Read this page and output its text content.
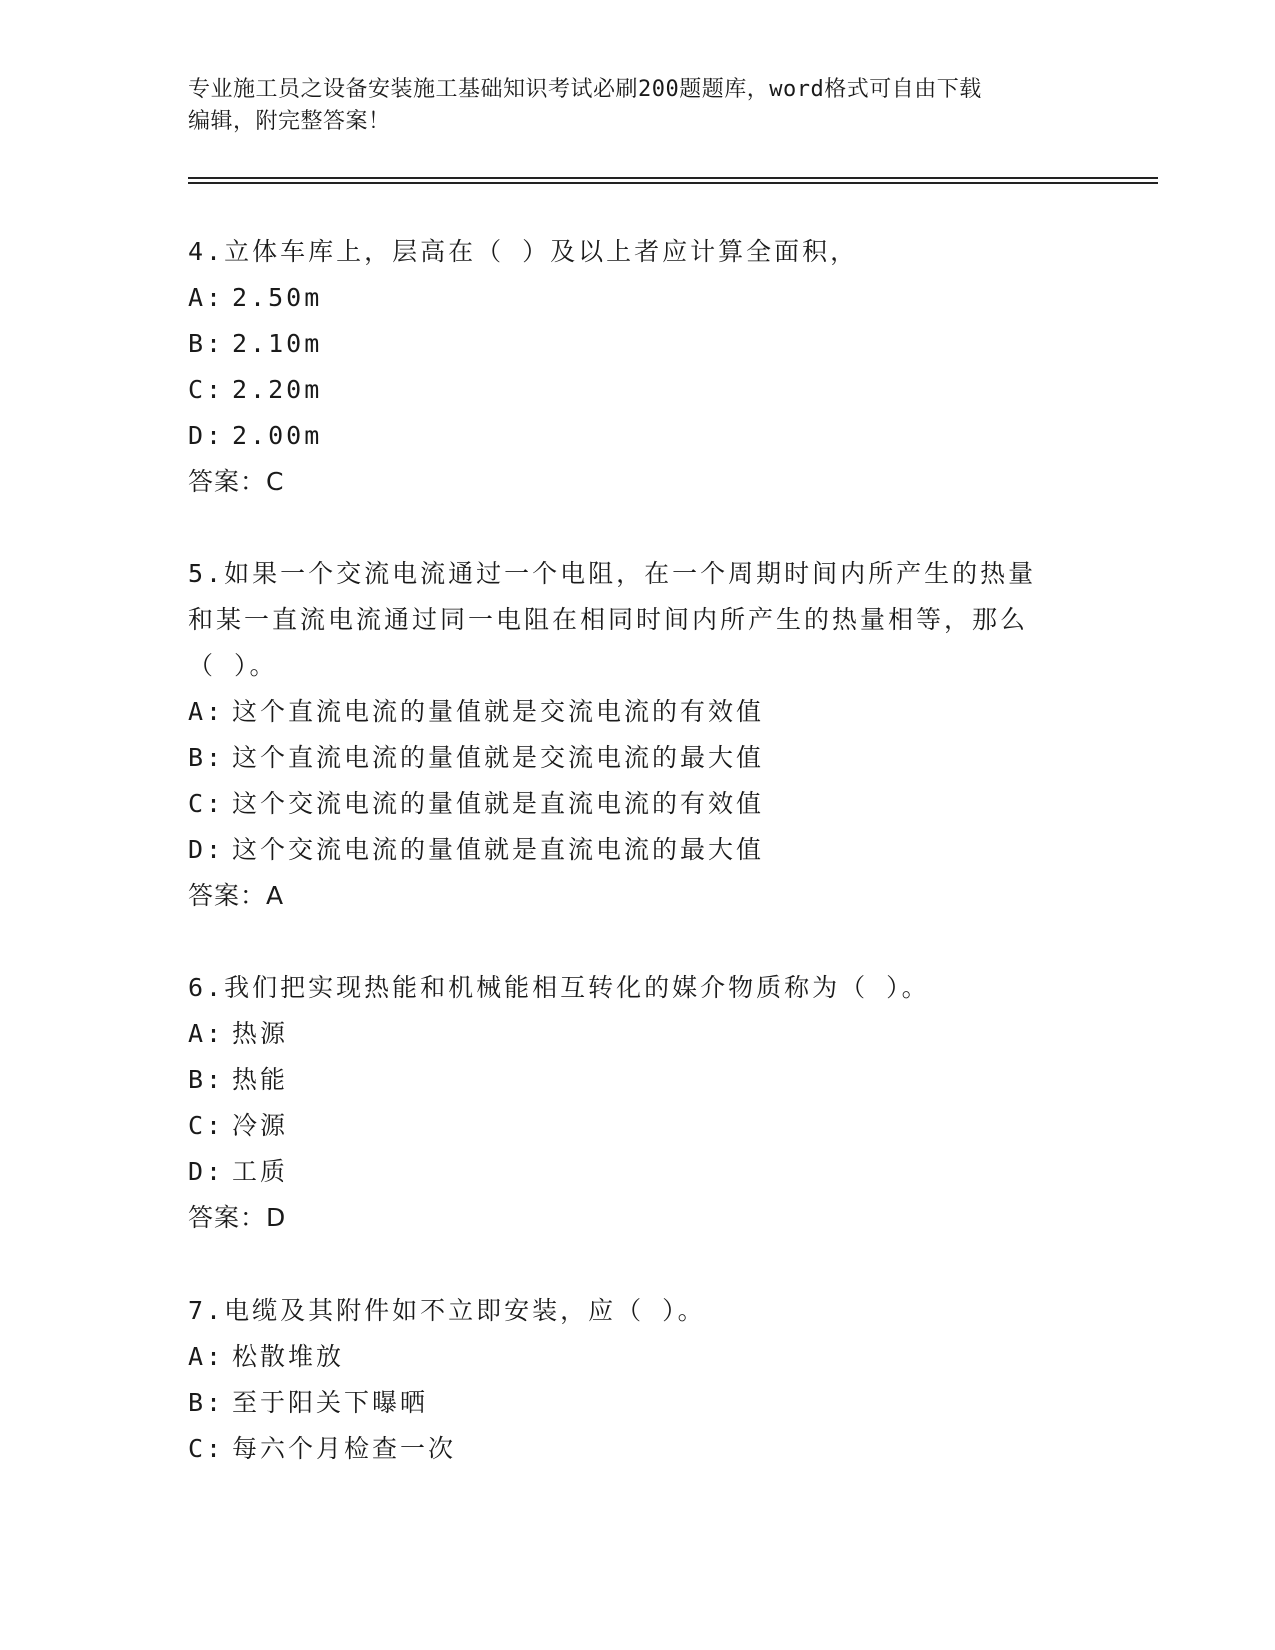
专业施工员之设备安装施工基础知识考试必刷200题题库，word格式可自由下载
编辑，附完整答案！
4.立体车库上，层高在（ ）及以上者应计算全面积，
A: 2.50m
B: 2.10m
C: 2.20m
D: 2.00m
答案：C
5.如果一个交流电流通过一个电阻，在一个周期时间内所产生的热量
和某一直流电流通过同一电阻在相同时间内所产生的热量相等，那么
（ ）。
A: 这个直流电流的量值就是交流电流的有效值
B: 这个直流电流的量值就是交流电流的最大值
C: 这个交流电流的量值就是直流电流的有效值
D: 这个交流电流的量值就是直流电流的最大值
答案：A
6.我们把实现热能和机械能相互转化的媒介物质称为（ ）。
A: 热源
B: 热能
C: 冷源
D: 工质
答案：D
7.电缆及其附件如不立即安装，应（ ）。
A: 松散堆放
B: 至于阳关下曝晒
C: 每六个月检查一次
